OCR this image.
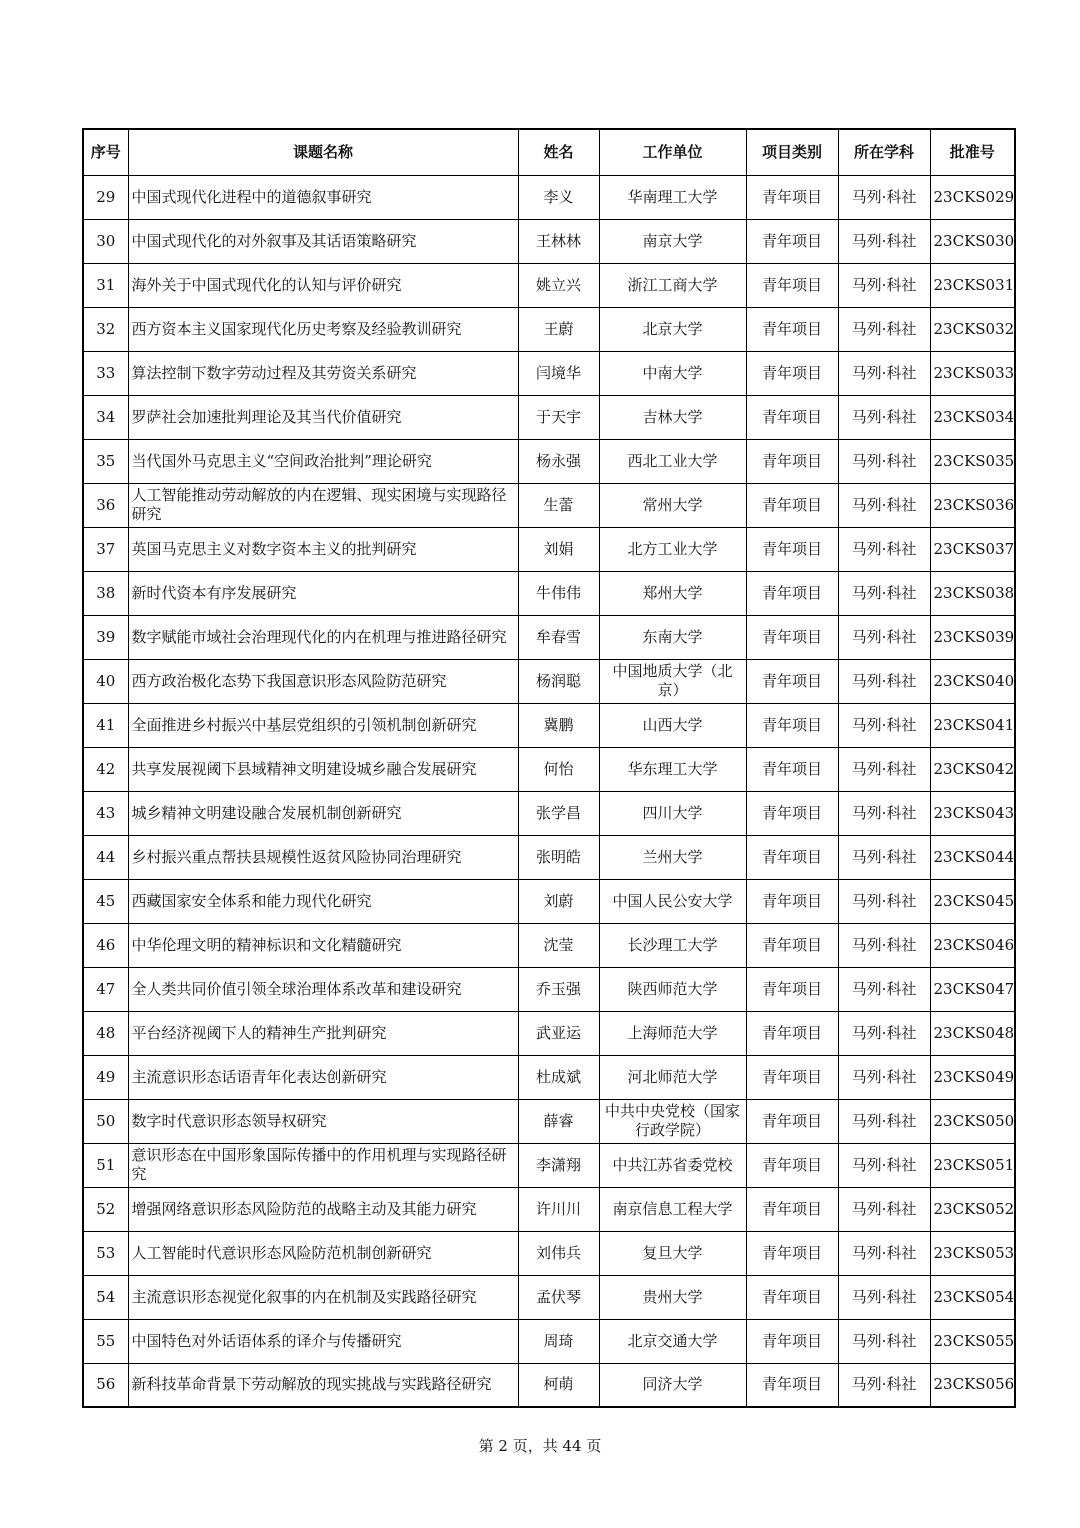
序号	课题名称	姓名	工作单位	项目类别	所在学科	批准号
29	中国式现代化进程中的道德叙事研究	李义	华南理工大学	青年项目	马列·科社	23CKS029
30	中国式现代化的对外叙事及其话语策略研究	王林林	南京大学	青年项目	马列·科社	23CKS030
31	海外关于中国式现代化的认知与评价研究	姚立兴	浙江工商大学	青年项目	马列·科社	23CKS031
32	西方资本主义国家现代化历史考察及经验教训研究	王蔚	北京大学	青年项目	马列·科社	23CKS032
33	算法控制下数字劳动过程及其劳资关系研究	闫境华	中南大学	青年项目	马列·科社	23CKS033
34	罗萨社会加速批判理论及其当代价值研究	于天宇	吉林大学	青年项目	马列·科社	23CKS034
35	当代国外马克思主义“空间政治批判”理论研究	杨永强	西北工业大学	青年项目	马列·科社	23CKS035
36	人工智能推动劳动解放的内在逻辑、现实困境与实现路径研究	生蕾	常州大学	青年项目	马列·科社	23CKS036
37	英国马克思主义对数字资本主义的批判研究	刘娟	北方工业大学	青年项目	马列·科社	23CKS037
38	新时代资本有序发展研究	牛伟伟	郑州大学	青年项目	马列·科社	23CKS038
39	数字赋能市域社会治理现代化的内在机理与推进路径研究	牟春雪	东南大学	青年项目	马列·科社	23CKS039
40	西方政治极化态势下我国意识形态风险防范研究	杨润聪	中国地质大学（北京）	青年项目	马列·科社	23CKS040
41	全面推进乡村振兴中基层党组织的引领机制创新研究	冀鹏	山西大学	青年项目	马列·科社	23CKS041
42	共享发展视阈下县域精神文明建设城乡融合发展研究	何怡	华东理工大学	青年项目	马列·科社	23CKS042
43	城乡精神文明建设融合发展机制创新研究	张学昌	四川大学	青年项目	马列·科社	23CKS043
44	乡村振兴重点帮扶县规模性返贫风险协同治理研究	张明皓	兰州大学	青年项目	马列·科社	23CKS044
45	西藏国家安全体系和能力现代化研究	刘蔚	中国人民公安大学	青年项目	马列·科社	23CKS045
46	中华伦理文明的精神标识和文化精髓研究	沈莹	长沙理工大学	青年项目	马列·科社	23CKS046
47	全人类共同价值引领全球治理体系改革和建设研究	乔玉强	陕西师范大学	青年项目	马列·科社	23CKS047
48	平台经济视阈下人的精神生产批判研究	武亚运	上海师范大学	青年项目	马列·科社	23CKS048
49	主流意识形态话语青年化表达创新研究	杜成斌	河北师范大学	青年项目	马列·科社	23CKS049
50	数字时代意识形态领导权研究	薛睿	中共中央党校（国家行政学院）	青年项目	马列·科社	23CKS050
51	意识形态在中国形象国际传播中的作用机理与实现路径研究	李潇翔	中共江苏省委党校	青年项目	马列·科社	23CKS051
52	增强网络意识形态风险防范的战略主动及其能力研究	许川川	南京信息工程大学	青年项目	马列·科社	23CKS052
53	人工智能时代意识形态风险防范机制创新研究	刘伟兵	复旦大学	青年项目	马列·科社	23CKS053
54	主流意识形态视觉化叙事的内在机制及实践路径研究	孟伏琴	贵州大学	青年项目	马列·科社	23CKS054
55	中国特色对外话语体系的译介与传播研究	周琦	北京交通大学	青年项目	马列·科社	23CKS055
56	新科技革命背景下劳动解放的现实挑战与实践路径研究	柯萌	同济大学	青年项目	马列·科社	23CKS056
第 2 页，共 44 页
